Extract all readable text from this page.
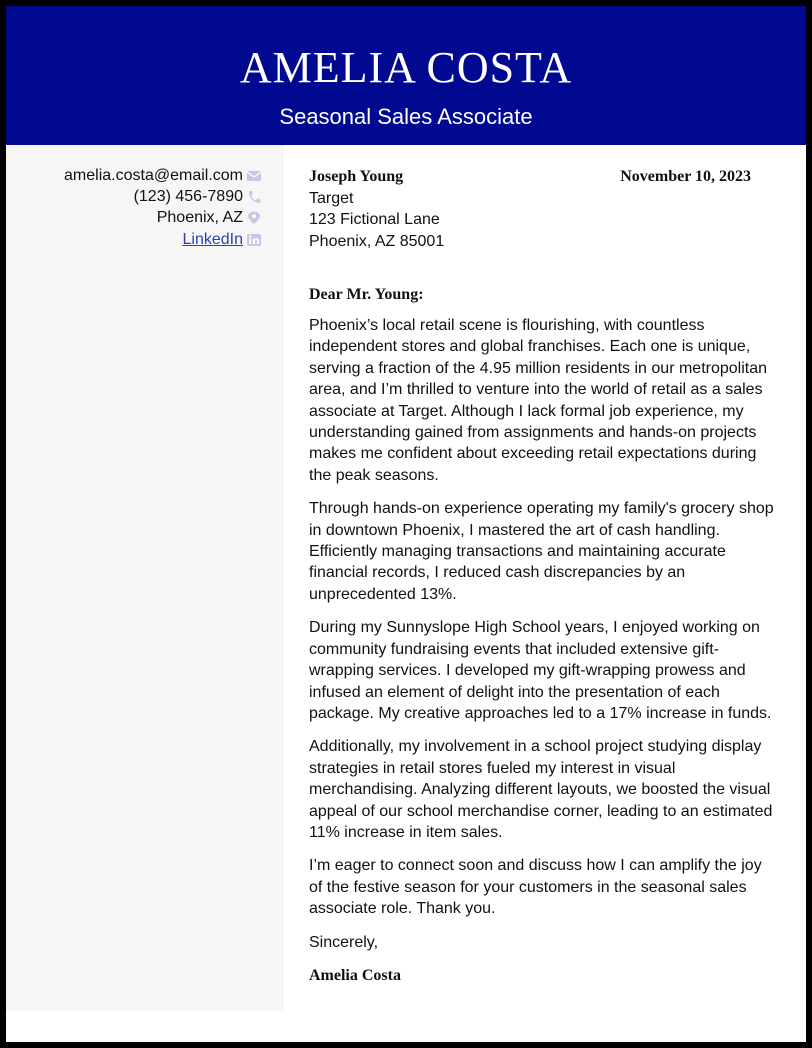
AMELIA COSTA
Seasonal Sales Associate
amelia.costa@email.com
(123) 456-7890
Phoenix, AZ
LinkedIn
Joseph Young
Target
123 Fictional Lane
Phoenix, AZ 85001
November 10, 2023
Dear Mr. Young:

Phoenix’s local retail scene is flourishing, with countless independent stores and global franchises. Each one is unique, serving a fraction of the 4.95 million residents in our metropolitan area, and I’m thrilled to venture into the world of retail as a sales associate at Target. Although I lack formal job experience, my understanding gained from assignments and hands-on projects makes me confident about exceeding retail expectations during the peak seasons.

Through hands-on experience operating my family's grocery shop in downtown Phoenix, I mastered the art of cash handling. Efficiently managing transactions and maintaining accurate financial records, I reduced cash discrepancies by an unprecedented 13%.

During my Sunnyslope High School years, I enjoyed working on community fundraising events that included extensive gift-wrapping services. I developed my gift-wrapping prowess and infused an element of delight into the presentation of each package. My creative approaches led to a 17% increase in funds.

Additionally, my involvement in a school project studying display strategies in retail stores fueled my interest in visual merchandising. Analyzing different layouts, we boosted the visual appeal of our school merchandise corner, leading to an estimated 11% increase in item sales.

I’m eager to connect soon and discuss how I can amplify the joy of the festive season for your customers in the seasonal sales associate role. Thank you.

Sincerely,
Amelia Costa
